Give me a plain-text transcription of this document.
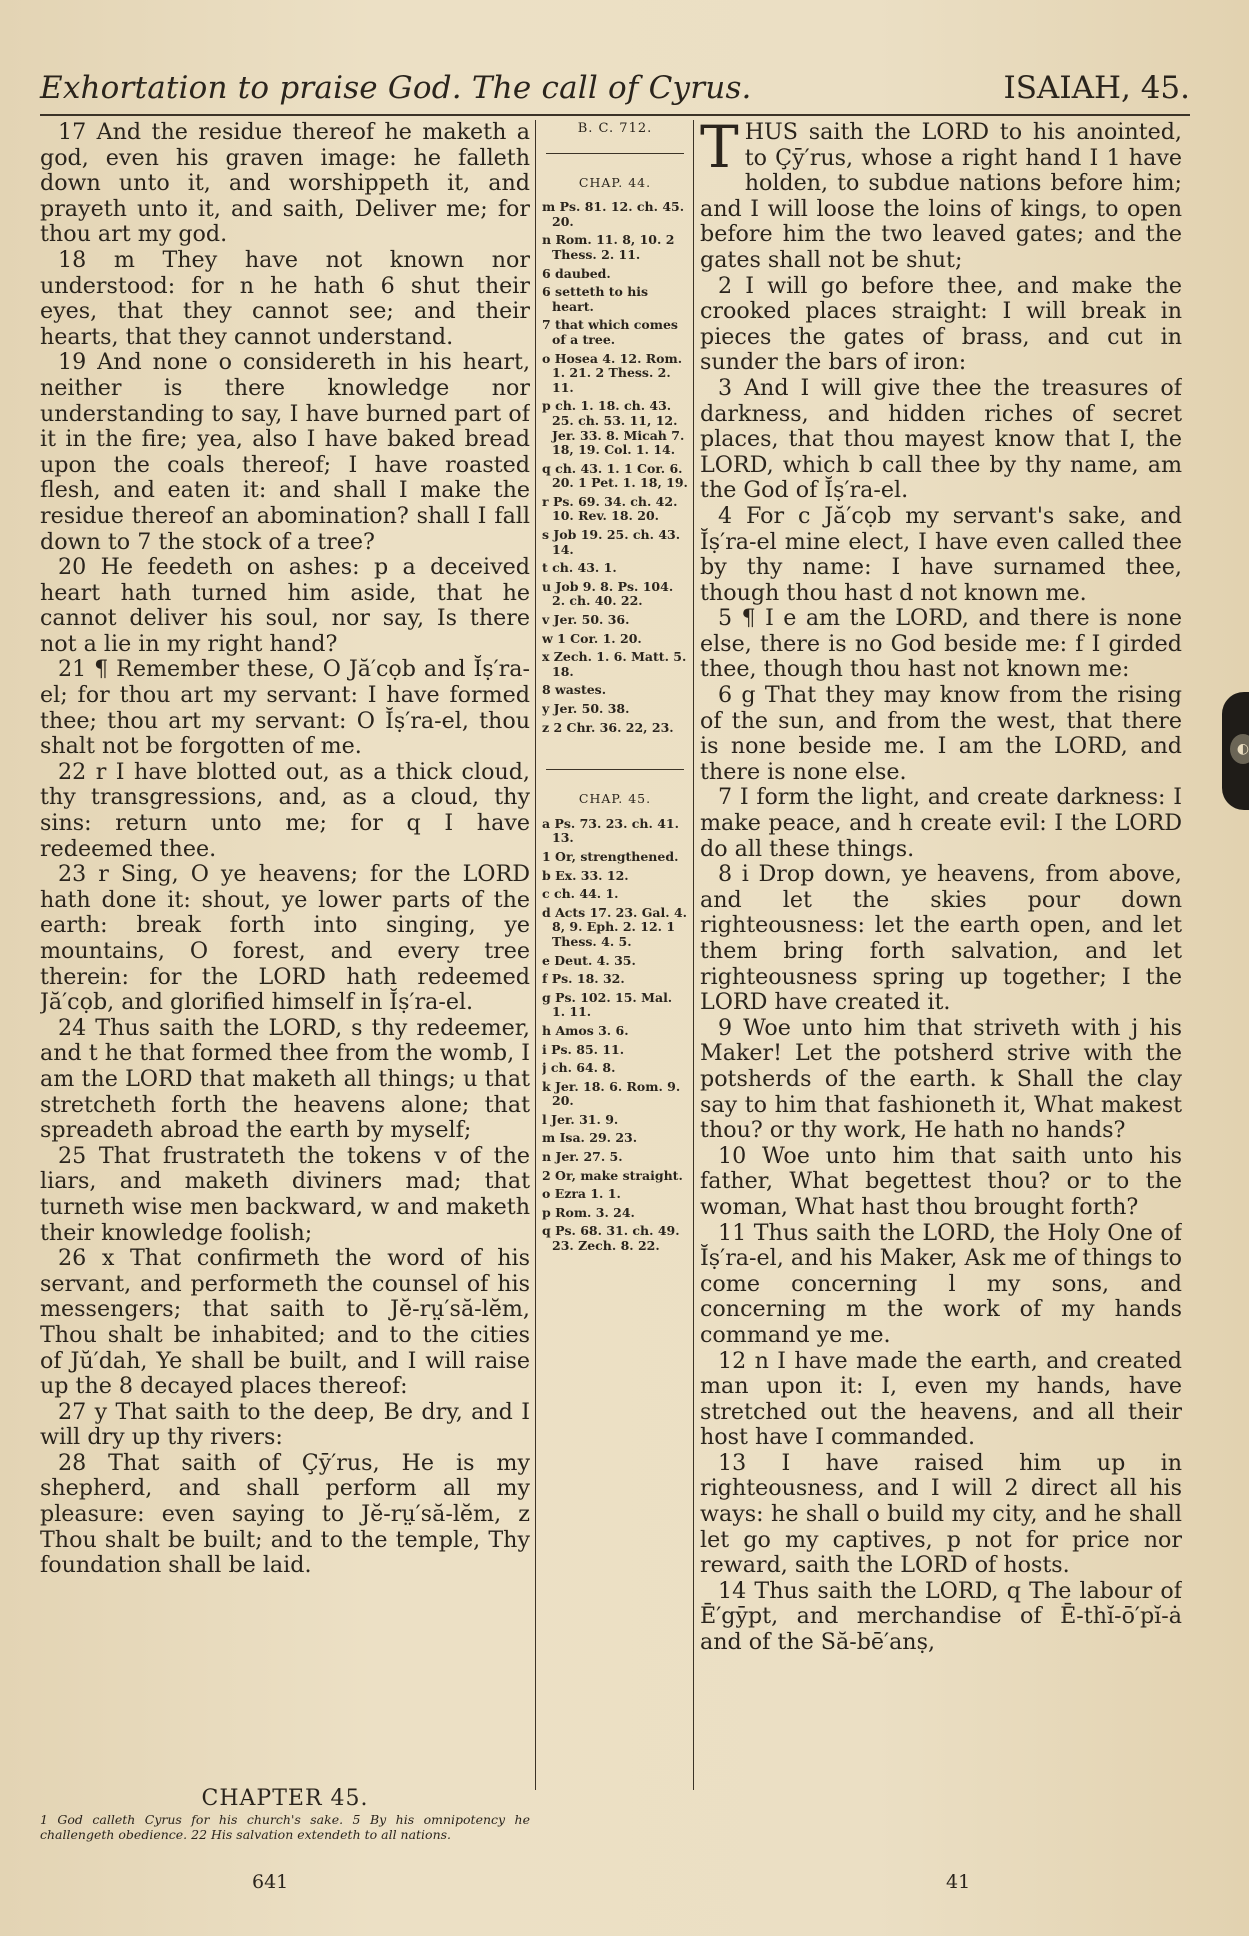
Exhortation to praise God. The call of Cyrus.	ISAIAH, 45.

17 And the residue thereof he maketh a god, even his graven image: he falleth down unto it, and worshippeth it, and prayeth unto it, and saith, Deliver me; for thou art my god.

18 m They have not known nor understood: for n he hath 6 shut their eyes, that they cannot see; and their hearts, that they cannot understand.

19 And none o considereth in his heart, neither is there knowledge nor understanding to say, I have burned part of it in the fire; yea, also I have baked bread upon the coals thereof; I have roasted flesh, and eaten it: and shall I make the residue thereof an abomination? shall I fall down to 7 the stock of a tree?

20 He feedeth on ashes: p a deceived heart hath turned him aside, that he cannot deliver his soul, nor say, Is there not a lie in my right hand?

21 ¶ Remember these, O Jă′cọb and Ĭṣ′ra-el; for thou art my servant: I have formed thee; thou art my servant: O Ĭṣ′ra-el, thou shalt not be forgotten of me.

22 r I have blotted out, as a thick cloud, thy transgressions, and, as a cloud, thy sins: return unto me; for q I have redeemed thee.

23 r Sing, O ye heavens; for the LORD hath done it: shout, ye lower parts of the earth: break forth into singing, ye mountains, O forest, and every tree therein: for the LORD hath redeemed Jă′cọb, and glorified himself in Ĭṣ′ra-el.

24 Thus saith the LORD, s thy redeemer, and t he that formed thee from the womb, I am the LORD that maketh all things; u that stretcheth forth the heavens alone; that spreadeth abroad the earth by myself;

25 That frustrateth the tokens v of the liars, and maketh diviners mad; that turneth wise men backward, w and maketh their knowledge foolish;

26 x That confirmeth the word of his servant, and performeth the counsel of his messengers; that saith to Jĕ-rṳ′să-lĕm, Thou shalt be inhabited; and to the cities of Jŭ′dah, Ye shall be built, and I will raise up the 8 decayed places thereof:

27 y That saith to the deep, Be dry, and I will dry up thy rivers:

28 That saith of Çȳ′rus, He is my shepherd, and shall perform all my pleasure: even saying to Jĕ-rṳ′să-lĕm, z Thou shalt be built; and to the temple, Thy foundation shall be laid.

CHAPTER 45.
1 God calleth Cyrus for his church's sake. 5 By his omnipotency he challengeth obedience. 22 His salvation extendeth to all nations.
B. C. 712.
CHAP. 44.
m Ps. 81. 12. ch. 45. 20.
n Rom. 11. 8, 10. 2 Thess. 2. 11.
6 daubed.
6 setteth to his heart.
7 that which comes of a tree.
o Hosea 4. 12. Rom. 1. 21. 2 Thess. 2. 11.
p ch. 1. 18. ch. 43. 25. ch. 53. 11, 12. Jer. 33. 8. Micah 7. 18, 19. Col. 1. 14.
q ch. 43. 1. 1 Cor. 6. 20. 1 Pet. 1. 18, 19.
r Ps. 69. 34. ch. 42. 10. Rev. 18. 20.
s Job 19. 25. ch. 43. 14.
t ch. 43. 1.
u Job 9. 8. Ps. 104. 2. ch. 40. 22.
v Jer. 50. 36.
w 1 Cor. 1. 20.
x Zech. 1. 6. Matt. 5. 18.
8 wastes.
y Jer. 50. 38.
z 2 Chr. 36. 22, 23.
CHAP. 45.
a Ps. 73. 23. ch. 41. 13.
1 Or, strengthened.
b Ex. 33. 12.
c ch. 44. 1.
d Acts 17. 23. Gal. 4. 8, 9. Eph. 2. 12. 1 Thess. 4. 5.
e Deut. 4. 35.
f Ps. 18. 32.
g Ps. 102. 15. Mal. 1. 11.
h Amos 3. 6.
i Ps. 85. 11.
j ch. 64. 8.
k Jer. 18. 6. Rom. 9. 20.
l Jer. 31. 9.
m Isa. 29. 23.
n Jer. 27. 5.
2 Or, make straight.
o Ezra 1. 1.
p Rom. 3. 24.
q Ps. 68. 31. ch. 49. 23. Zech. 8. 22.

THUS saith the LORD to his anointed, to Çȳ′rus, whose a right hand I 1 have holden, to subdue nations before him; and I will loose the loins of kings, to open before him the two leaved gates; and the gates shall not be shut;

2 I will go before thee, and make the crooked places straight: I will break in pieces the gates of brass, and cut in sunder the bars of iron:

3 And I will give thee the treasures of darkness, and hidden riches of secret places, that thou mayest know that I, the LORD, which b call thee by thy name, am the God of Ĭṣ′ra-el.

4 For c Jă′cọb my servant's sake, and Ĭṣ′ra-el mine elect, I have even called thee by thy name: I have surnamed thee, though thou hast d not known me.

5 ¶ I e am the LORD, and there is none else, there is no God beside me: f I girded thee, though thou hast not known me:

6 g That they may know from the rising of the sun, and from the west, that there is none beside me. I am the LORD, and there is none else.

7 I form the light, and create darkness: I make peace, and h create evil: I the LORD do all these things.

8 i Drop down, ye heavens, from above, and let the skies pour down righteousness: let the earth open, and let them bring forth salvation, and let righteousness spring up together; I the LORD have created it.

9 Woe unto him that striveth with j his Maker! Let the potsherd strive with the potsherds of the earth. k Shall the clay say to him that fashioneth it, What makest thou? or thy work, He hath no hands?

10 Woe unto him that saith unto his father, What begettest thou? or to the woman, What hast thou brought forth?

11 Thus saith the LORD, the Holy One of Ĭṣ′ra-el, and his Maker, Ask me of things to come concerning l my sons, and concerning m the work of my hands command ye me.

12 n I have made the earth, and created man upon it: I, even my hands, have stretched out the heavens, and all their host have I commanded.

13 I have raised him up in righteousness, and I will 2 direct all his ways: he shall o build my city, and he shall let go my captives, p not for price nor reward, saith the LORD of hosts.

14 Thus saith the LORD, q The labour of Ē′gȳpt, and merchandise of Ē-thĭ-ō′pĭ-ȧ and of the Să-bē′anṣ,

641	41
◐
